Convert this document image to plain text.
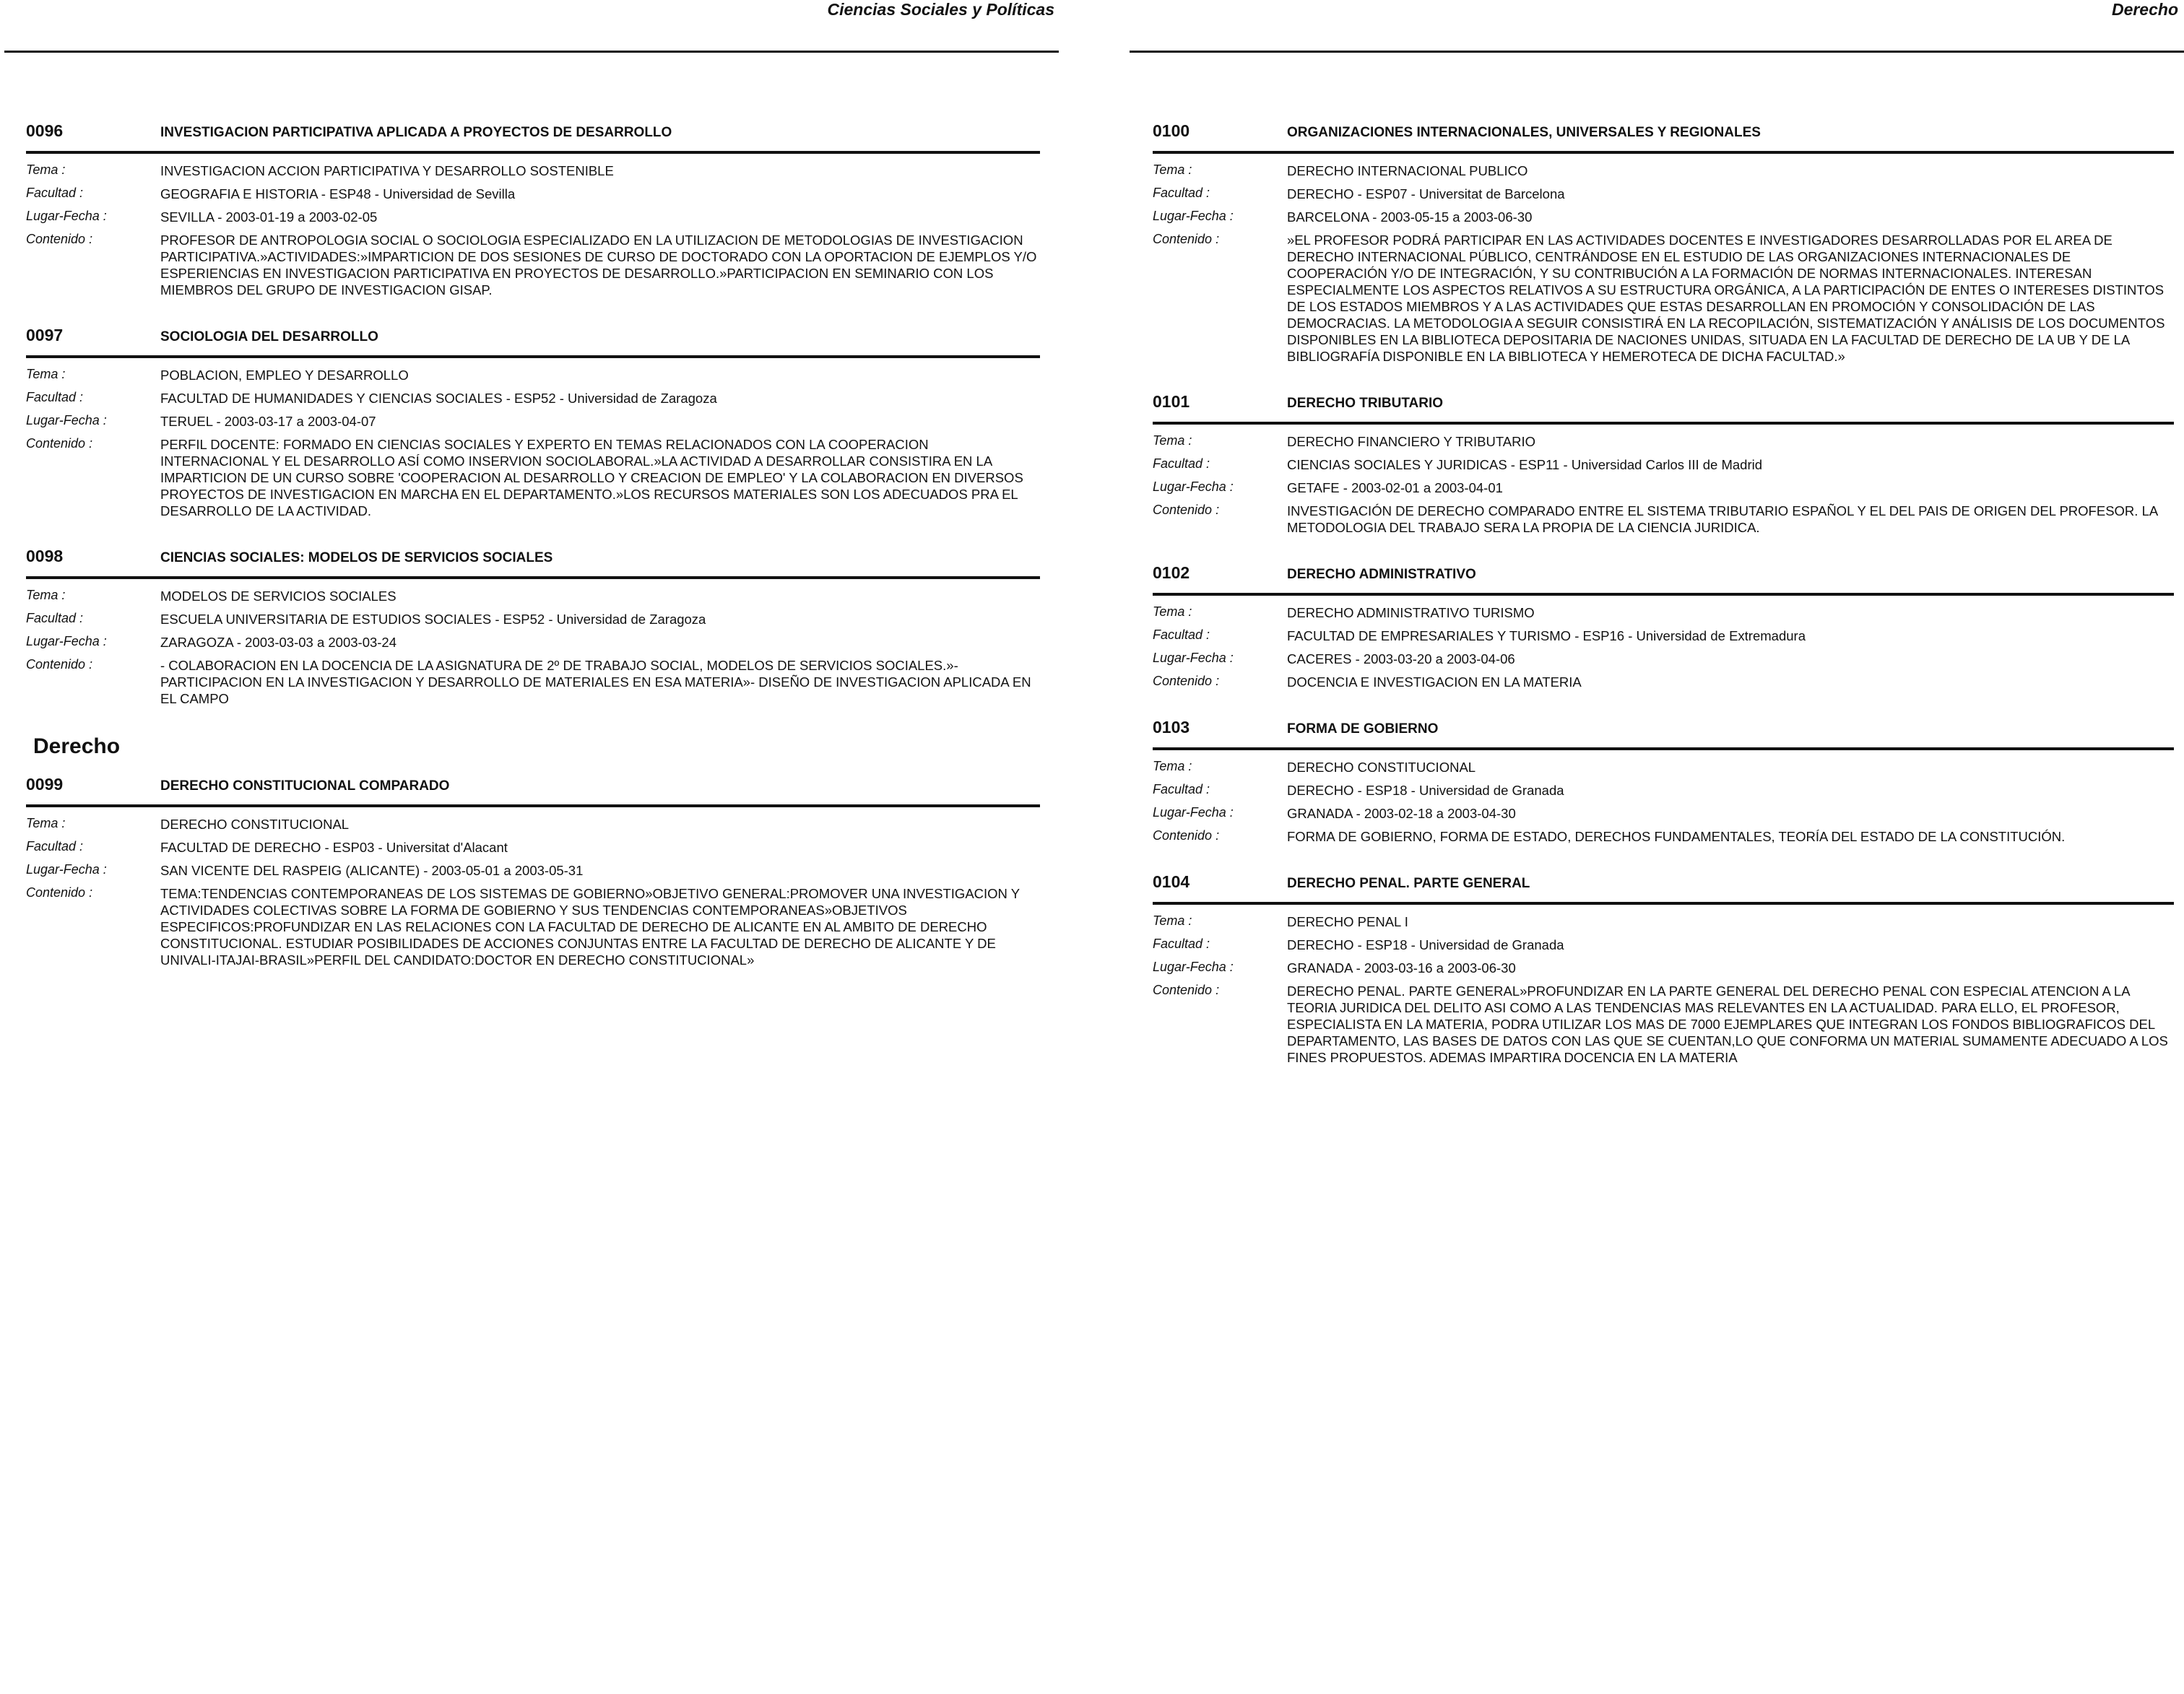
Ciencias Sociales y Políticas
0096	INVESTIGACION PARTICIPATIVA APLICADA A PROYECTOS DE DESARROLLO
Tema :	INVESTIGACION ACCION PARTICIPATIVA Y DESARROLLO SOSTENIBLE
Facultad :	GEOGRAFIA E HISTORIA - ESP48 - Universidad de Sevilla
Lugar-Fecha :	SEVILLA - 2003-01-19 a 2003-02-05
Contenido :	PROFESOR DE ANTROPOLOGIA SOCIAL O SOCIOLOGIA ESPECIALIZADO EN LA UTILIZACION DE METODOLOGIAS DE INVESTIGACION PARTICIPATIVA.»ACTIVIDADES:»IMPARTICION DE DOS SESIONES DE CURSO DE DOCTORADO CON LA OPORTACION DE EJEMPLOS Y/O ESPERIENCIAS EN INVESTIGACION PARTICIPATIVA EN PROYECTOS DE DESARROLLO.»PARTICIPACION EN SEMINARIO CON LOS MIEMBROS DEL GRUPO DE INVESTIGACION GISAP.
0097	SOCIOLOGIA DEL DESARROLLO
Tema :	POBLACION, EMPLEO Y DESARROLLO
Facultad :	FACULTAD DE HUMANIDADES Y CIENCIAS SOCIALES - ESP52 - Universidad de Zaragoza
Lugar-Fecha :	TERUEL - 2003-03-17 a 2003-04-07
Contenido :	PERFIL DOCENTE: FORMADO EN CIENCIAS SOCIALES Y EXPERTO EN TEMAS RELACIONADOS CON LA COOPERACION INTERNACIONAL Y EL DESARROLLO ASÍ COMO INSERVION SOCIOLABORAL.»LA ACTIVIDAD A DESARROLLAR CONSISTIRA EN LA IMPARTICION DE UN CURSO SOBRE 'COOPERACION AL DESARROLLO Y CREACION DE EMPLEO' Y LA COLABORACION EN DIVERSOS PROYECTOS DE INVESTIGACION EN MARCHA EN EL DEPARTAMENTO.»LOS RECURSOS MATERIALES SON LOS ADECUADOS PRA EL DESARROLLO DE LA ACTIVIDAD.
0098	CIENCIAS SOCIALES: MODELOS DE SERVICIOS SOCIALES
Tema :	MODELOS DE SERVICIOS SOCIALES
Facultad :	ESCUELA UNIVERSITARIA DE ESTUDIOS SOCIALES - ESP52 - Universidad de Zaragoza
Lugar-Fecha :	ZARAGOZA - 2003-03-03 a 2003-03-24
Contenido :	- COLABORACION EN LA DOCENCIA DE LA ASIGNATURA DE 2º DE TRABAJO SOCIAL, MODELOS DE SERVICIOS SOCIALES.»- PARTICIPACION EN LA INVESTIGACION Y DESARROLLO DE MATERIALES EN ESA MATERIA»- DISEÑO DE INVESTIGACION APLICADA EN EL CAMPO
Derecho
0099	DERECHO CONSTITUCIONAL COMPARADO
Tema :	DERECHO CONSTITUCIONAL
Facultad :	FACULTAD DE DERECHO - ESP03 - Universitat d'Alacant
Lugar-Fecha :	SAN VICENTE DEL RASPEIG (ALICANTE) - 2003-05-01 a 2003-05-31
Contenido :	TEMA:TENDENCIAS CONTEMPORANEAS DE LOS SISTEMAS DE GOBIERNO»OBJETIVO GENERAL:PROMOVER UNA INVESTIGACION Y ACTIVIDADES COLECTIVAS SOBRE LA FORMA DE GOBIERNO Y SUS TENDENCIAS CONTEMPORANEAS»OBJETIVOS ESPECIFICOS:PROFUNDIZAR EN LAS RELACIONES CON LA FACULTAD DE DERECHO DE ALICANTE EN AL AMBITO DE DERECHO CONSTITUCIONAL. ESTUDIAR POSIBILIDADES DE ACCIONES CONJUNTAS ENTRE LA FACULTAD DE DERECHO DE ALICANTE Y DE UNIVALI-ITAJAI-BRASIL»PERFIL DEL CANDIDATO:DOCTOR EN DERECHO CONSTITUCIONAL»
Derecho
0100	ORGANIZACIONES INTERNACIONALES, UNIVERSALES Y REGIONALES
Tema :	DERECHO INTERNACIONAL PUBLICO
Facultad :	DERECHO - ESP07 - Universitat de Barcelona
Lugar-Fecha :	BARCELONA - 2003-05-15 a 2003-06-30
Contenido :	»EL PROFESOR PODRÁ PARTICIPAR EN LAS ACTIVIDADES DOCENTES E INVESTIGADORES DESARROLLADAS POR EL AREA DE DERECHO INTERNACIONAL PÚBLICO, CENTRÁNDOSE EN EL ESTUDIO DE LAS ORGANIZACIONES INTERNACIONALES DE COOPERACIÓN Y/O DE INTEGRACIÓN, Y SU CONTRIBUCIÓN A LA FORMACIÓN DE NORMAS INTERNACIONALES. INTERESAN ESPECIALMENTE LOS ASPECTOS RELATIVOS A SU ESTRUCTURA ORGÁNICA, A LA PARTICIPACIÓN DE ENTES O INTERESES DISTINTOS DE LOS ESTADOS MIEMBROS Y A LAS ACTIVIDADES QUE ESTAS DESARROLLAN EN PROMOCIÓN Y CONSOLIDACIÓN DE LAS DEMOCRACIAS. LA METODOLOGIA A SEGUIR CONSISTIRÁ EN LA RECOPILACIÓN, SISTEMATIZACIÓN Y ANÁLISIS DE LOS DOCUMENTOS DISPONIBLES EN LA BIBLIOTECA DEPOSITARIA DE NACIONES UNIDAS, SITUADA EN LA FACULTAD DE DERECHO DE LA UB Y DE LA BIBLIOGRAFÍA DISPONIBLE EN LA BIBLIOTECA Y HEMEROTECA DE DICHA FACULTAD.»
0101	DERECHO TRIBUTARIO
Tema :	DERECHO FINANCIERO Y TRIBUTARIO
Facultad :	CIENCIAS SOCIALES Y JURIDICAS - ESP11 - Universidad Carlos III de Madrid
Lugar-Fecha :	GETAFE - 2003-02-01 a 2003-04-01
Contenido :	INVESTIGACIÓN DE DERECHO COMPARADO ENTRE EL SISTEMA TRIBUTARIO ESPAÑOL Y EL DEL PAIS DE ORIGEN DEL PROFESOR. LA METODOLOGIA DEL TRABAJO SERA LA PROPIA DE LA CIENCIA JURIDICA.
0102	DERECHO ADMINISTRATIVO
Tema :	DERECHO ADMINISTRATIVO TURISMO
Facultad :	FACULTAD DE EMPRESARIALES Y TURISMO - ESP16 - Universidad de Extremadura
Lugar-Fecha :	CACERES - 2003-03-20 a 2003-04-06
Contenido :	DOCENCIA E INVESTIGACION EN LA MATERIA
0103	FORMA DE GOBIERNO
Tema :	DERECHO CONSTITUCIONAL
Facultad :	DERECHO - ESP18 - Universidad de Granada
Lugar-Fecha :	GRANADA - 2003-02-18 a 2003-04-30
Contenido :	FORMA DE GOBIERNO, FORMA DE ESTADO, DERECHOS FUNDAMENTALES, TEORÍA DEL ESTADO DE LA CONSTITUCIÓN.
0104	DERECHO PENAL. PARTE GENERAL
Tema :	DERECHO PENAL I
Facultad :	DERECHO - ESP18 - Universidad de Granada
Lugar-Fecha :	GRANADA - 2003-03-16 a 2003-06-30
Contenido :	DERECHO PENAL. PARTE GENERAL»PROFUNDIZAR EN LA PARTE GENERAL DEL DERECHO PENAL CON ESPECIAL ATENCION A LA TEORIA JURIDICA DEL DELITO ASI COMO A LAS TENDENCIAS MAS RELEVANTES EN LA ACTUALIDAD. PARA ELLO, EL PROFESOR, ESPECIALISTA EN LA MATERIA, PODRA UTILIZAR LOS MAS DE 7000 EJEMPLARES QUE INTEGRAN LOS FONDOS BIBLIOGRAFICOS DEL DEPARTAMENTO, LAS BASES DE DATOS CON LAS QUE SE CUENTAN,LO QUE CONFORMA UN MATERIAL SUMAMENTE ADECUADO A LOS FINES PROPUESTOS. ADEMAS IMPARTIRA DOCENCIA EN LA MATERIA
